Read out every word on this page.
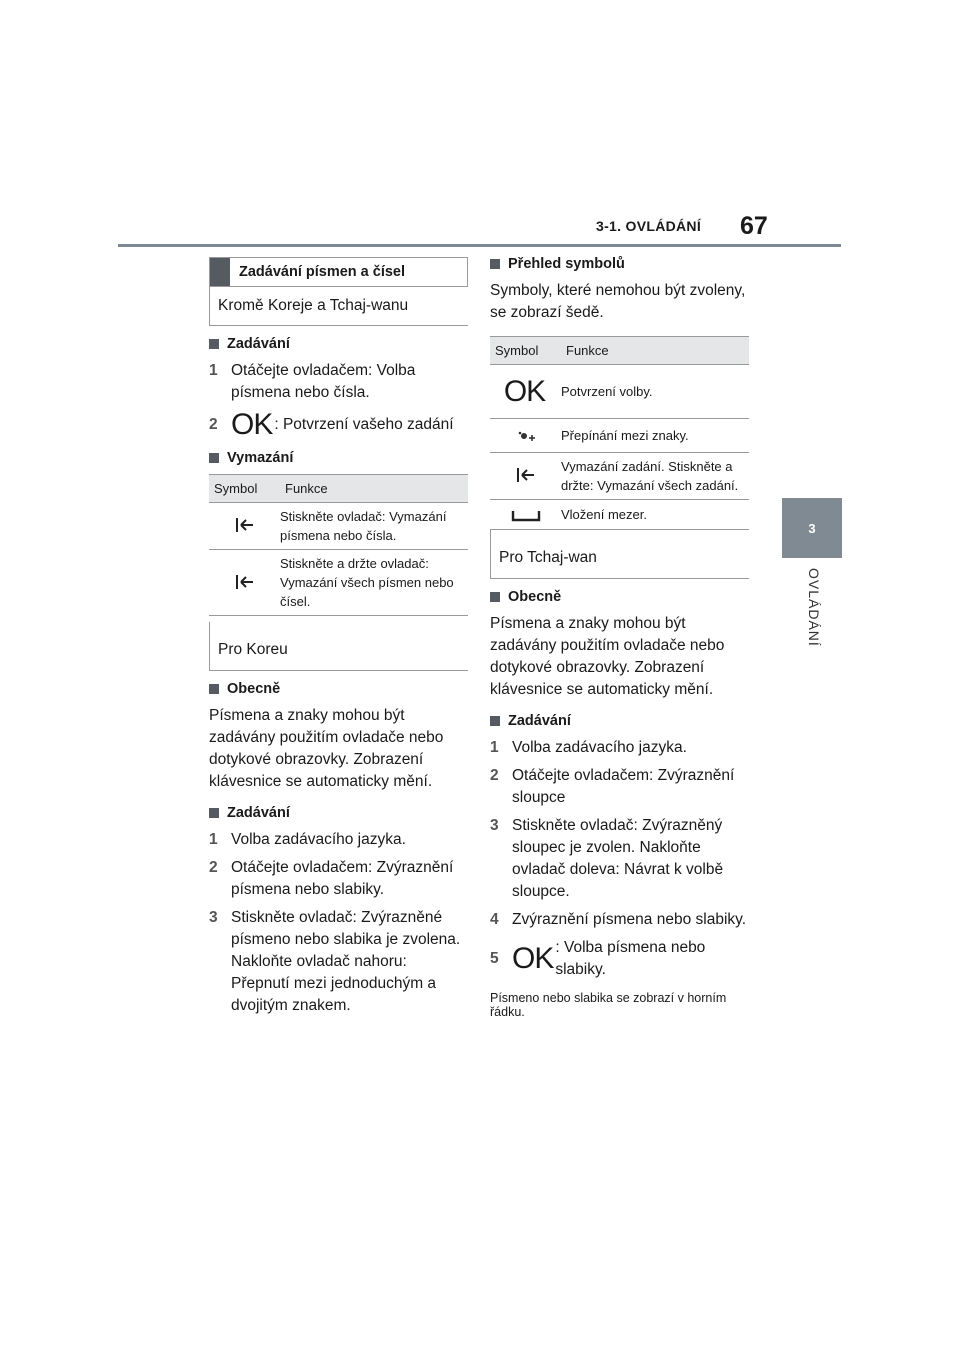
3-1. OVLÁDÁNÍ 67
3
OVLÁDÁNÍ
Zadávání písmen a čísel
Kromě Koreje a Tchaj-wanu
Zadávání
1 Otáčejte ovladačem: Volba písmena nebo čísla.
2 OK : Potvrzení vašeho zadání
Vymazání
Symbol	Funkce
	Stiskněte ovladač: Vymazání písmena nebo čísla.
	Stiskněte a držte ovladač: Vymazání všech písmen nebo čísel.
Pro Koreu
Obecně

Písmena a znaky mohou být zadávány použitím ovladače nebo dotykové obrazovky. Zobrazení klávesnice se automaticky mění.

Zadávání
1 Volba zadávacího jazyka.
2 Otáčejte ovladačem: Zvýraznění písmena nebo slabiky.
3 Stiskněte ovladač: Zvýrazněné písmeno nebo slabika je zvolena. Nakloňte ovladač nahoru: Přepnutí mezi jednoduchým a dvojitým znakem.
Přehled symbolů

Symboly, které nemohou být zvoleny, se zobrazí šedě.

Symbol	Funkce
OK	Potvrzení volby.
	Přepínání mezi znaky.
	Vymazání zadání. Stiskněte a držte: Vymazání všech zadání.
	Vložení mezer.
Pro Tchaj-wan
Obecně

Písmena a znaky mohou být zadávány použitím ovladače nebo dotykové obrazovky. Zobrazení klávesnice se automaticky mění.

Zadávání
1 Volba zadávacího jazyka.
2 Otáčejte ovladačem: Zvýraznění sloupce
3 Stiskněte ovladač: Zvýrazněný sloupec je zvolen. Nakloňte ovladač doleva: Návrat k volbě sloupce.
4 Zvýraznění písmena nebo slabiky.
5 OK : Volba písmena nebo slabiky.
Písmeno nebo slabika se zobrazí v horním řádku.
